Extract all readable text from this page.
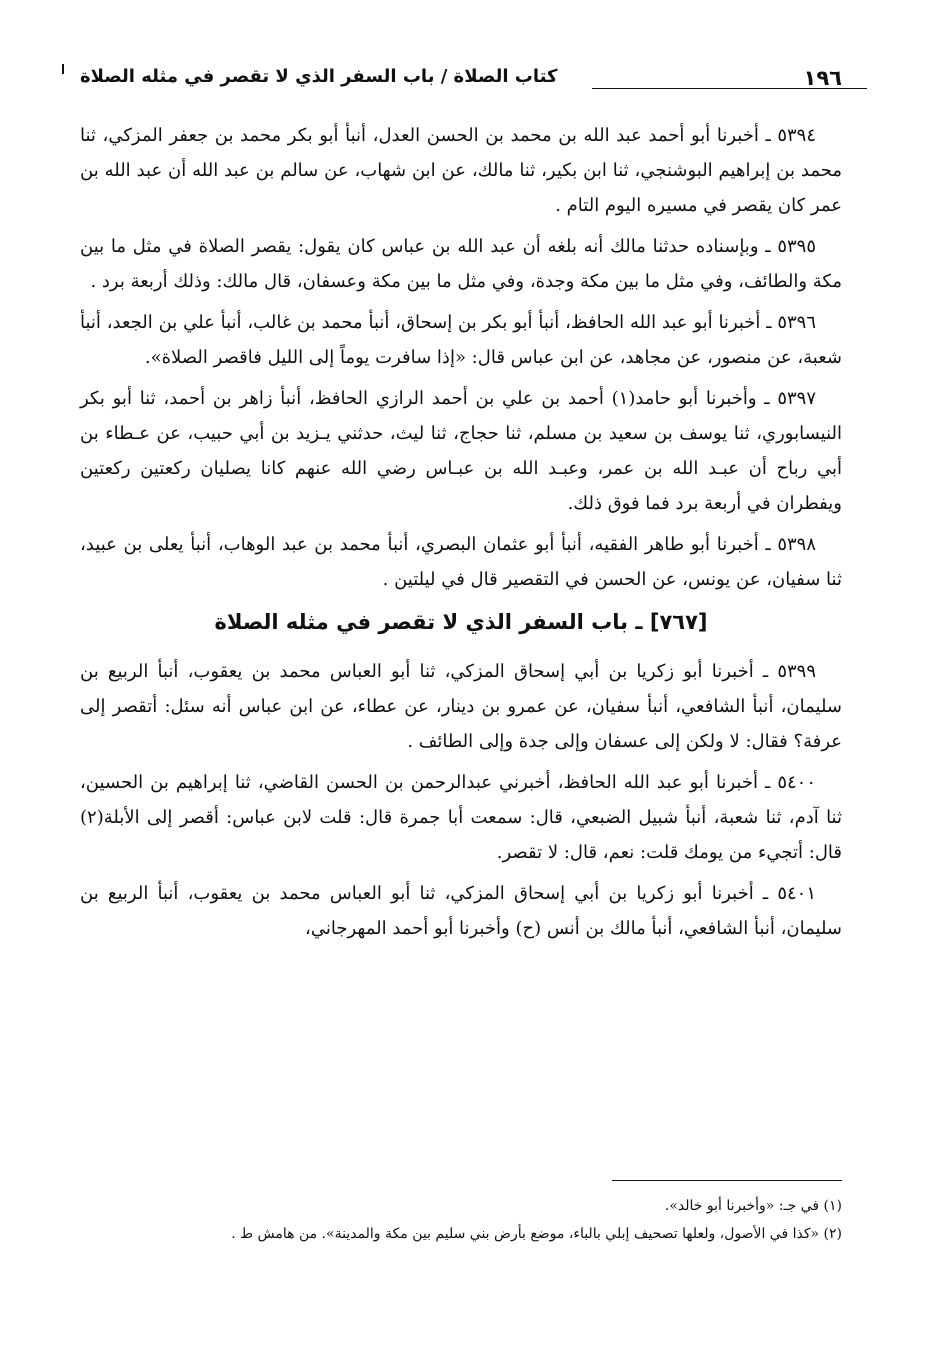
١٩٦
كتاب الصلاة / باب السفر الذي لا تقصر في مثله الصلاة

٥٣٩٤ ـ أخبرنا أبو أحمد عبد الله بن محمد بن الحسن العدل، أنبأ أبو بكر محمد بن جعفر المزكي، ثنا محمد بن إبراهيم البوشنجي، ثنا ابن بكير، ثنا مالك، عن ابن شهاب، عن سالم بن عبد الله أن عبد الله بن عمر كان يقصر في مسيره اليوم التام .

٥٣٩٥ ـ وبإسناده حدثنا مالك أنه بلغه أن عبد الله بن عباس كان يقول: يقصر الصلاة في مثل ما بين مكة والطائف، وفي مثل ما بين مكة وجدة، وفي مثل ما بين مكة وعسفان، قال مالك: وذلك أربعة برد .

٥٣٩٦ ـ أخبرنا أبو عبد الله الحافظ، أنبأ أبو بكر بن إسحاق، أنبأ محمد بن غالب، أنبأ علي بن الجعد، أنبأ شعبة، عن منصور، عن مجاهد، عن ابن عباس قال: «إذا سافرت يوماً إلى الليل فاقصر الصلاة».

٥٣٩٧ ـ وأخبرنا أبو حامد(١) أحمد بن علي بن أحمد الرازي الحافظ، أنبأ زاهر بن أحمد، ثنا أبو بكر النيسابوري، ثنا يوسف بن سعيد بن مسلم، ثنا حجاج، ثنا ليث، حدثني يـزيد بن أبي حبيب، عن عـطاء بن أبي رباح أن عبـد الله بن عمر، وعبـد الله بن عبـاس رضي الله عنهم كانا يصليان ركعتين ركعتين ويفطران في أربعة برد فما فوق ذلك.

٥٣٩٨ ـ أخبرنا أبو طاهر الفقيه، أنبأ أبو عثمان البصري، أنبأ محمد بن عبد الوهاب، أنبأ يعلى بن عبيد، ثنا سفيان، عن يونس، عن الحسن في التقصير قال في ليلتين .

[٧٦٧] ـ باب السفر الذي لا تقصر في مثله الصلاة

٥٣٩٩ ـ أخبرنا أبو زكريا بن أبي إسحاق المزكي، ثنا أبو العباس محمد بن يعقوب، أنبأ الربيع بن سليمان، أنبأ الشافعي، أنبأ سفيان، عن عمرو بن دينار، عن عطاء، عن ابن عباس أنه سئل: أتقصر إلى عرفة؟ فقال: لا ولكن إلى عسفان وإلى جدة وإلى الطائف .

٥٤٠٠ ـ أخبرنا أبو عبد الله الحافظ، أخبرني عبدالرحمن بن الحسن القاضي، ثنا إبراهيم بن الحسين، ثنا آدم، ثنا شعبة، أنبأ شبيل الضبعي، قال: سمعت أبا جمرة قال: قلت لابن عباس: أقصر إلى الأبلة(٢) قال: أتجيء من يومك قلت: نعم، قال: لا تقصر.

٥٤٠١ ـ أخبرنا أبو زكريا بن أبي إسحاق المزكي، ثنا أبو العباس محمد بن يعقوب، أنبأ الربيع بن سليمان، أنبأ الشافعي، أنبأ مالك بن أنس (ح) وأخبرنا أبو أحمد المهرجاني،

(١) في جـ: «وأخبرنا أبو خالد».

(٢) «كذا في الأصول، ولعلها تصحيف إبلي بالباء، موضع بأرض بني سليم بين مكة والمدينة». من هامش ط .
